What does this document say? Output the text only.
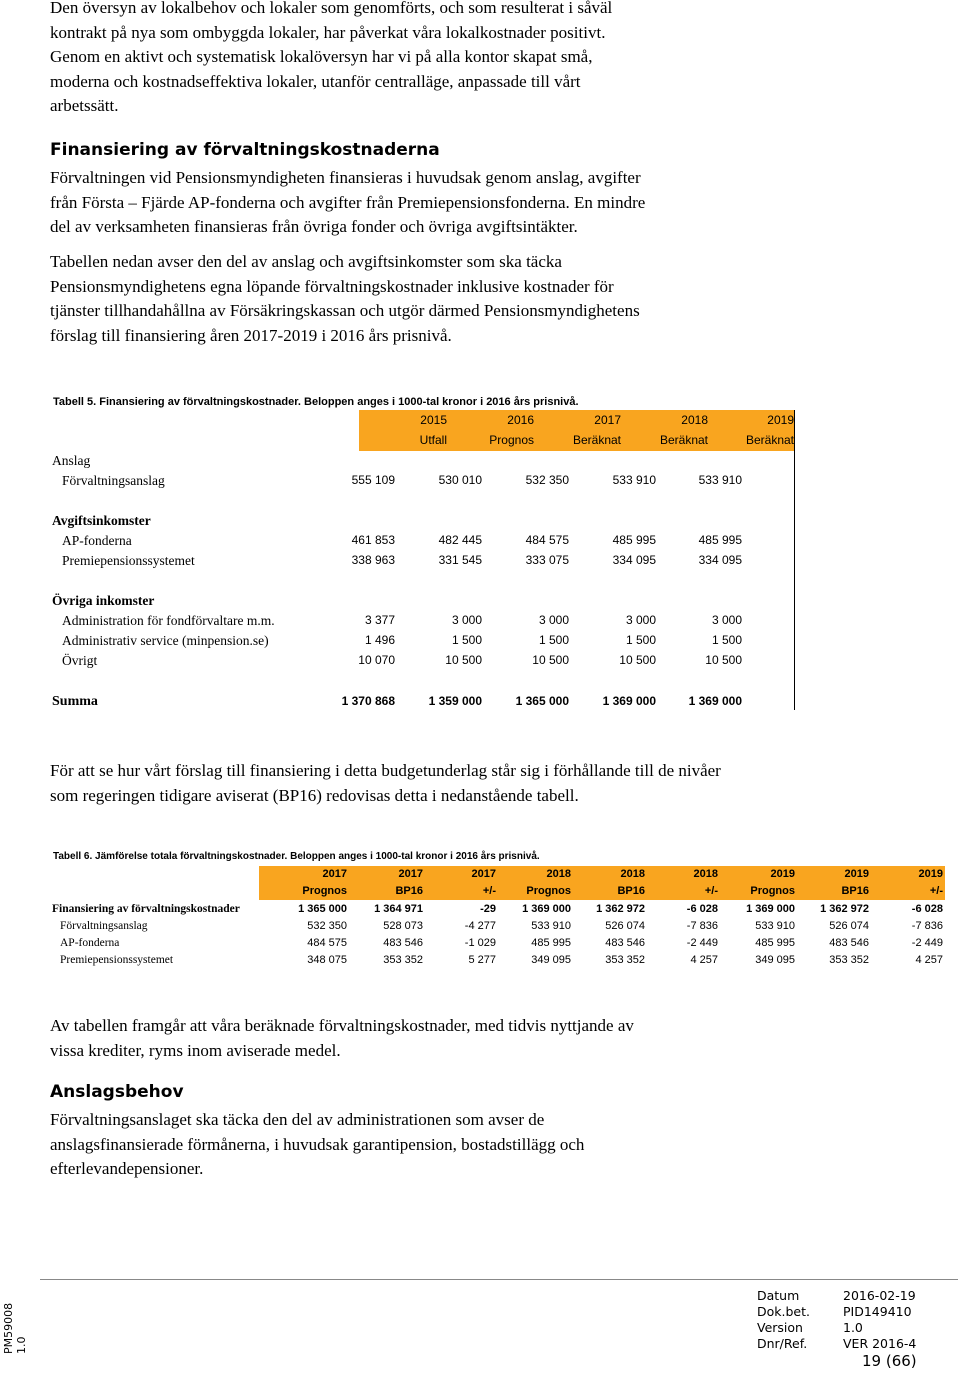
Den översyn av lokalbehov och lokaler som genomförts, och som resulterat i såväl
kontrakt på nya som ombyggda lokaler, har påverkat våra lokalkostnader positivt.
Genom en aktivt och systematisk lokalöversyn har vi på alla kontor skapat små,
moderna och kostnadseffektiva lokaler, utanför centralläge, anpassade till vårt
arbetssätt.
Finansiering av förvaltningskostnaderna
Förvaltningen vid Pensionsmyndigheten finansieras i huvudsak genom anslag, avgifter
från Första – Fjärde AP-fonderna och avgifter från Premiepensionsfonderna. En mindre
del av verksamheten finansieras från övriga fonder och övriga avgiftsintäkter.
Tabellen nedan avser den del av anslag och avgiftsinkomster som ska täcka
Pensionsmyndighetens egna löpande förvaltningskostnader inklusive kostnader för
tjänster tillhandahållna av Försäkringskassan och utgör därmed Pensionsmyndighetens
förslag till finansiering åren 2017-2019 i 2016 års prisnivå.
Tabell 5. Finansiering av förvaltningskostnader. Beloppen anges i 1000-tal kronor i 2016 års prisnivå.
2015	2016	2017	2018	2019
Utfall	Prognos	Beräknat	Beräknat	Beräknat
Anslag
Förvaltningsanslag	555 109	530 010	532 350	533 910	533 910
Avgiftsinkomster
AP-fonderna	461 853	482 445	484 575	485 995	485 995
Premiepensionssystemet	338 963	331 545	333 075	334 095	334 095
Övriga inkomster
Administration för fondförvaltare m.m.	3 377	3 000	3 000	3 000	3 000
Administrativ service (minpension.se)	1 496	1 500	1 500	1 500	1 500
Övrigt	10 070	10 500	10 500	10 500	10 500
Summa	1 370 868	1 359 000	1 365 000	1 369 000	1 369 000
För att se hur vårt förslag till finansiering i detta budgetunderlag står sig i förhållande till de nivåer
som regeringen tidigare aviserat (BP16) redovisas detta i nedanstående tabell.
Tabell 6. Jämförelse totala förvaltningskostnader. Beloppen anges i 1000-tal kronor i 2016 års prisnivå.
2017	2017	2017	2018	2018	2018	2019	2019	2019
Prognos	BP16	+/-	Prognos	BP16	+/-	Prognos	BP16	+/-
Finansiering av förvaltningskostnader	1 365 000	1 364 971	-29	1 369 000	1 362 972	-6 028	1 369 000	1 362 972	-6 028
Förvaltningsanslag	532 350	528 073	-4 277	533 910	526 074	-7 836	533 910	526 074	-7 836
AP-fonderna	484 575	483 546	-1 029	485 995	483 546	-2 449	485 995	483 546	-2 449
Premiepensionssystemet	348 075	353 352	5 277	349 095	353 352	4 257	349 095	353 352	4 257
Av tabellen framgår att våra beräknade förvaltningskostnader, med tidvis nyttjande av
vissa krediter, ryms inom aviserade medel.
Anslagsbehov
Förvaltningsanslaget ska täcka den del av administrationen som avser de
anslagsfinansierade förmånerna, i huvudsak garantipension, bostadstillägg och
efterlevandepensioner.
PM59008 1.0
Datum	2016-02-19
Dok.bet.	PID149410
Version	1.0
Dnr/Ref.	VER 2016-4
19 (66)
